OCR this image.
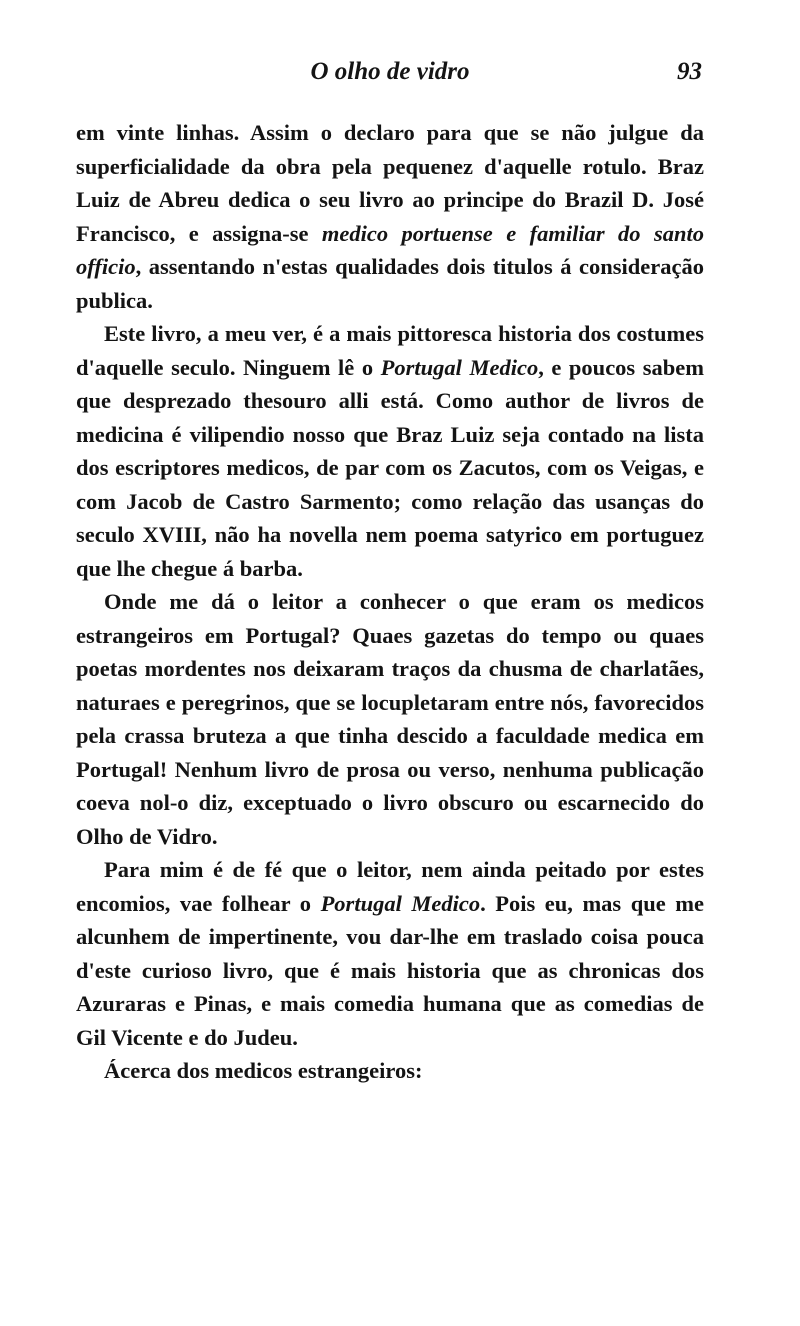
O olho de vidro	93

em vinte linhas. Assim o declaro para que se não julgue da superficialidade da obra pela pequenez d'aquelle rotulo. Braz Luiz de Abreu dedica o seu livro ao principe do Brazil D. José Francisco, e assigna-se medico portuense e familiar do santo officio, assentando n'estas qualidades dois titulos á consideração publica.

Este livro, a meu ver, é a mais pittoresca historia dos costumes d'aquelle seculo. Ninguem lê o Portugal Medico, e poucos sabem que desprezado thesouro alli está. Como author de livros de medicina é vilipendio nosso que Braz Luiz seja contado na lista dos escriptores medicos, de par com os Zacutos, com os Veigas, e com Jacob de Castro Sarmento; como relação das usanças do seculo XVIII, não ha novella nem poema satyrico em portuguez que lhe chegue á barba.

Onde me dá o leitor a conhecer o que eram os medicos estrangeiros em Portugal? Quaes gazetas do tempo ou quaes poetas mordentes nos deixaram traços da chusma de charlatães, naturaes e peregrinos, que se locupletaram entre nós, favorecidos pela crassa bruteza a que tinha descido a faculdade medica em Portugal! Nenhum livro de prosa ou verso, nenhuma publicação coeva nol-o diz, exceptuado o livro obscuro ou escarnecido do Olho de Vidro.

Para mim é de fé que o leitor, nem ainda peitado por estes encomios, vae folhear o Portugal Medico. Pois eu, mas que me alcunhem de impertinente, vou dar-lhe em traslado coisa pouca d'este curioso livro, que é mais historia que as chronicas dos Azuraras e Pinas, e mais comedia humana que as comedias de Gil Vicente e do Judeu.

Ácerca dos medicos estrangeiros:
